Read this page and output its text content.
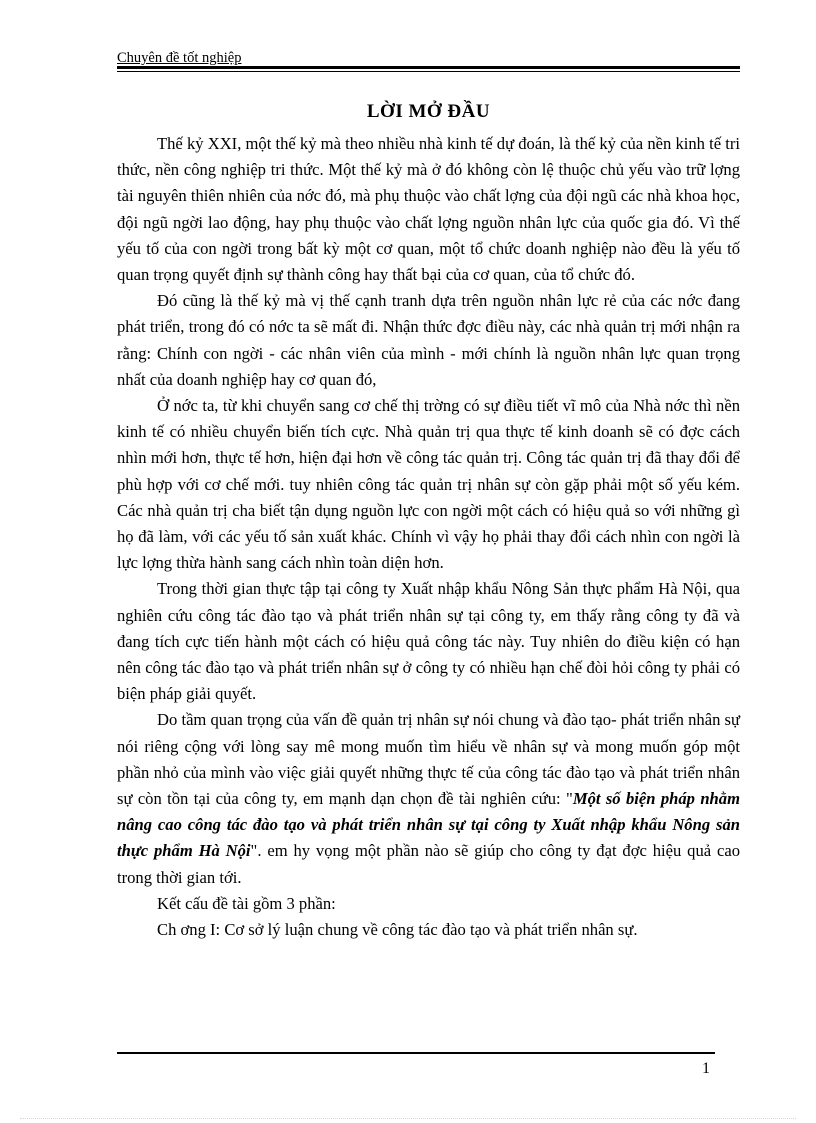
Chuyên đề tốt nghiệp
LỜI MỞ ĐẦU

Thế kỷ XXI, một thế kỷ mà theo nhiều nhà kinh tế dự đoán, là thế kỷ của nền kinh tế tri thức, nền công nghiệp tri thức. Một thế kỷ mà ở đó không còn lệ thuộc chủ yếu vào trữ lợng tài nguyên thiên nhiên của nớc đó, mà phụ thuộc vào chất lợng của đội ngũ các nhà khoa học, đội ngũ ngời lao động, hay phụ thuộc vào chất lợng nguồn nhân lực của quốc gia đó. Vì thế yếu tố của con ngời trong bất kỳ một cơ quan, một tổ chức doanh nghiệp nào đều là yếu tố quan trọng quyết định sự thành công hay thất bại của cơ quan, của tổ chức đó.

Đó cũng là thế kỷ mà vị thế cạnh tranh dựa trên nguồn nhân lực rẻ của các nớc đang phát triển, trong đó có nớc ta sẽ mất đi. Nhận thức đợc điều này, các nhà quản trị mới nhận ra rằng: Chính con ngời - các nhân viên của mình - mới chính là nguồn nhân lực quan trọng nhất của doanh nghiệp hay cơ quan đó,

Ở nớc ta, từ khi chuyển sang cơ chế thị trờng có sự điều tiết vĩ mô của Nhà nớc thì nền kinh tế có nhiều chuyển biến tích cực. Nhà quản trị qua thực tế kinh doanh sẽ có đợc cách nhìn mới hơn, thực tế hơn, hiện đại hơn về công tác quản trị. Công tác quản trị đã thay đổi để phù hợp với cơ chế mới. tuy nhiên công tác quản trị nhân sự còn gặp phải một số yếu kém. Các nhà quản trị cha biết tận dụng nguồn lực con ngời một cách có hiệu quả so với những gì họ đã làm, với các yếu tố sản xuất khác. Chính vì vậy họ phải thay đổi cách nhìn con ngời là lực lợng thừa hành sang cách nhìn toàn diện hơn.

Trong thời gian thực tập tại công ty Xuất nhập khẩu Nông Sản thực phẩm Hà Nội, qua nghiên cứu công tác đào tạo và phát triển nhân sự tại công ty, em thấy rằng công ty đã và đang tích cực tiến hành một cách có hiệu quả công tác này. Tuy nhiên do điều kiện có hạn nên công tác đào tạo và phát triển nhân sự ở công ty có nhiều hạn chế đòi hỏi công ty phải có biện pháp giải quyết.

Do tầm quan trọng của vấn đề quản trị nhân sự nói chung và đào tạo- phát triển nhân sự nói riêng cộng với lòng say mê mong muốn tìm hiểu về nhân sự và mong muốn góp một phần nhỏ của mình vào việc giải quyết những thực tế của công tác đào tạo và phát triển nhân sự còn tồn tại của công ty, em mạnh dạn chọn đề tài nghiên cứu: "Một số biện pháp nhằm nâng cao công tác đào tạo và phát triển nhân sự tại công ty Xuất nhập khẩu Nông sản thực phẩm Hà Nội". em hy vọng một phần nào sẽ giúp cho công ty đạt đợc hiệu quả cao trong thời gian tới.

Kết cấu đề tài gồm 3 phần:

Ch ơng I: Cơ sở lý luận chung về công tác đào tạo và phát triển nhân sự.

1
